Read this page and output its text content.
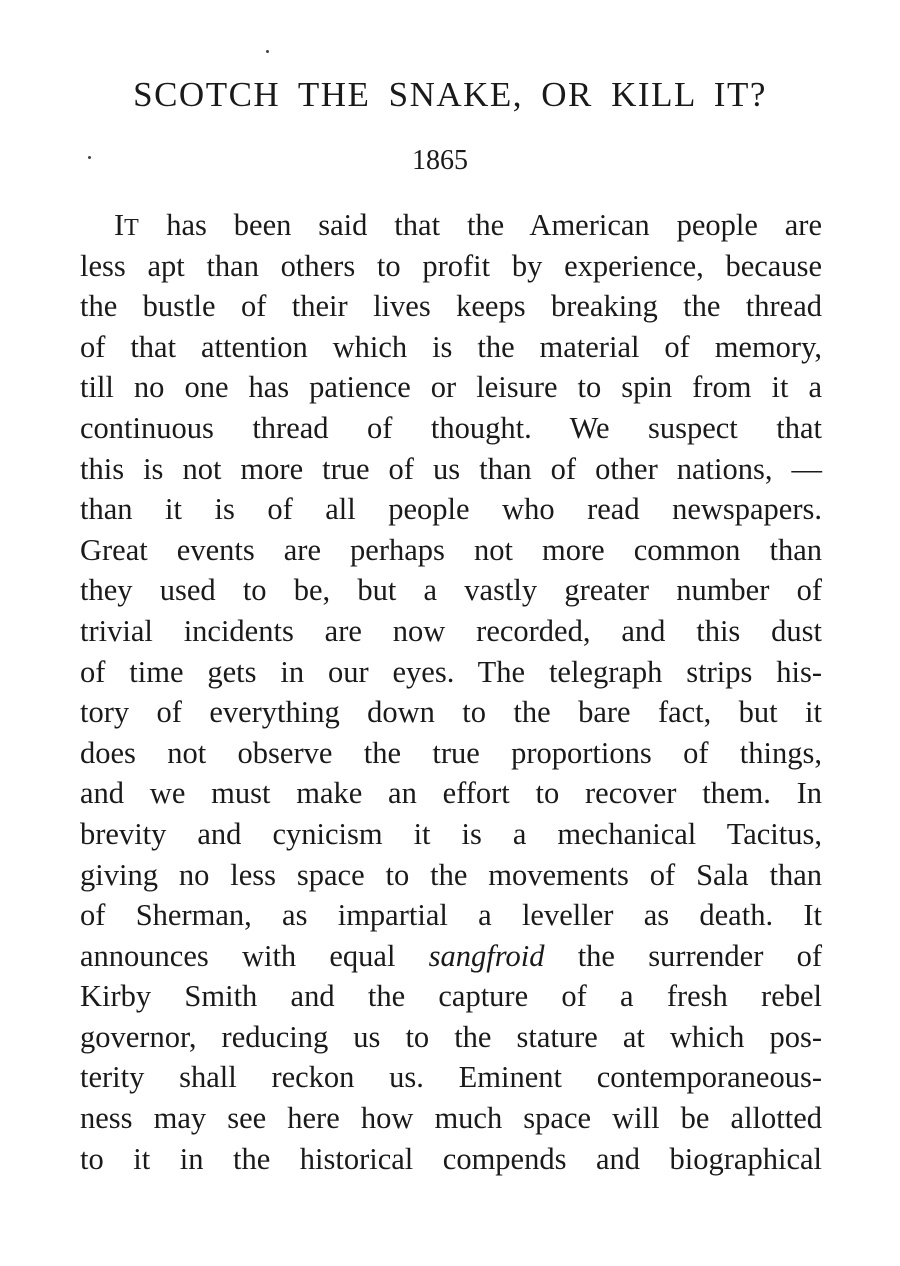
SCOTCH THE SNAKE, OR KILL IT?
1865
IT has been said that the American people are
less apt than others to profit by experience, because
the bustle of their lives keeps breaking the thread
of that attention which is the material of memory,
till no one has patience or leisure to spin from it a
continuous thread of thought. We suspect that
this is not more true of us than of other nations, —
than it is of all people who read newspapers.
Great events are perhaps not more common than
they used to be, but a vastly greater number of
trivial incidents are now recorded, and this dust
of time gets in our eyes. The telegraph strips his-
tory of everything down to the bare fact, but it
does not observe the true proportions of things,
and we must make an effort to recover them. In
brevity and cynicism it is a mechanical Tacitus,
giving no less space to the movements of Sala than
of Sherman, as impartial a leveller as death. It
announces with equal sangfroid the surrender of
Kirby Smith and the capture of a fresh rebel
governor, reducing us to the stature at which pos-
terity shall reckon us. Eminent contemporaneous-
ness may see here how much space will be allotted
to it in the historical compends and biographical
